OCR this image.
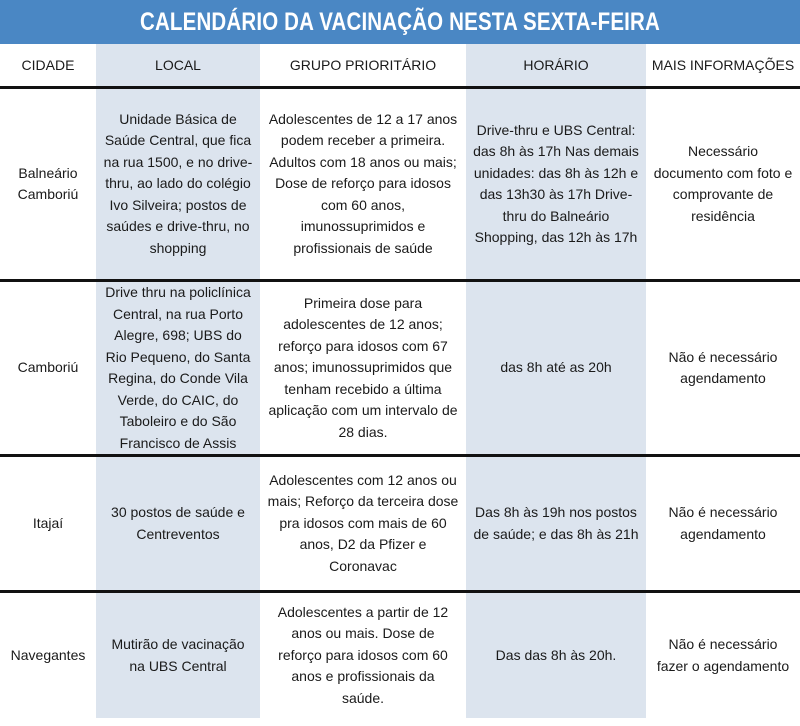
CALENDÁRIO DA VACINAÇÃO NESTA SEXTA-FEIRA
CIDADE	LOCAL	GRUPO PRIORITÁRIO	HORÁRIO	MAIS INFORMAÇÕES
Balneário Camboriú	Unidade Básica de Saúde Central, que fica na rua 1500, e no drive-thru, ao lado do colégio Ivo Silveira; postos de saúdes e drive-thru, no shopping	Adolescentes de 12 a 17 anos podem receber a primeira. Adultos com 18 anos ou mais; Dose de reforço para idosos com 60 anos, imunossuprimidos e profissionais de saúde	Drive-thru e UBS Central: das 8h às 17h Nas demais unidades: das 8h às 12h e das 13h30 às 17h Drive-thru do Balneário Shopping, das 12h às 17h	Necessário documento com foto e comprovante de residência
Camboriú	Drive thru na policlínica Central, na rua Porto Alegre, 698; UBS do Rio Pequeno, do Santa Regina, do Conde Vila Verde, do CAIC, do Taboleiro e do São Francisco de Assis	Primeira dose para adolescentes de 12 anos; reforço para idosos com 67 anos; imunossuprimidos que tenham recebido a última aplicação com um intervalo de 28 dias.	das 8h até as 20h	Não é necessário agendamento
Itajaí	30 postos de saúde e Centreventos	Adolescentes com 12 anos ou mais; Reforço da terceira dose pra idosos com mais de 60 anos, D2 da Pfizer e Coronavac	Das 8h às 19h nos postos de saúde; e das 8h às 21h	Não é necessário agendamento
Navegantes	Mutirão de vacinação na UBS Central	Adolescentes a partir de 12 anos ou mais. Dose de reforço para idosos com 60 anos e profissionais da saúde.	Das das 8h às 20h.	Não é necessário fazer o agendamento
